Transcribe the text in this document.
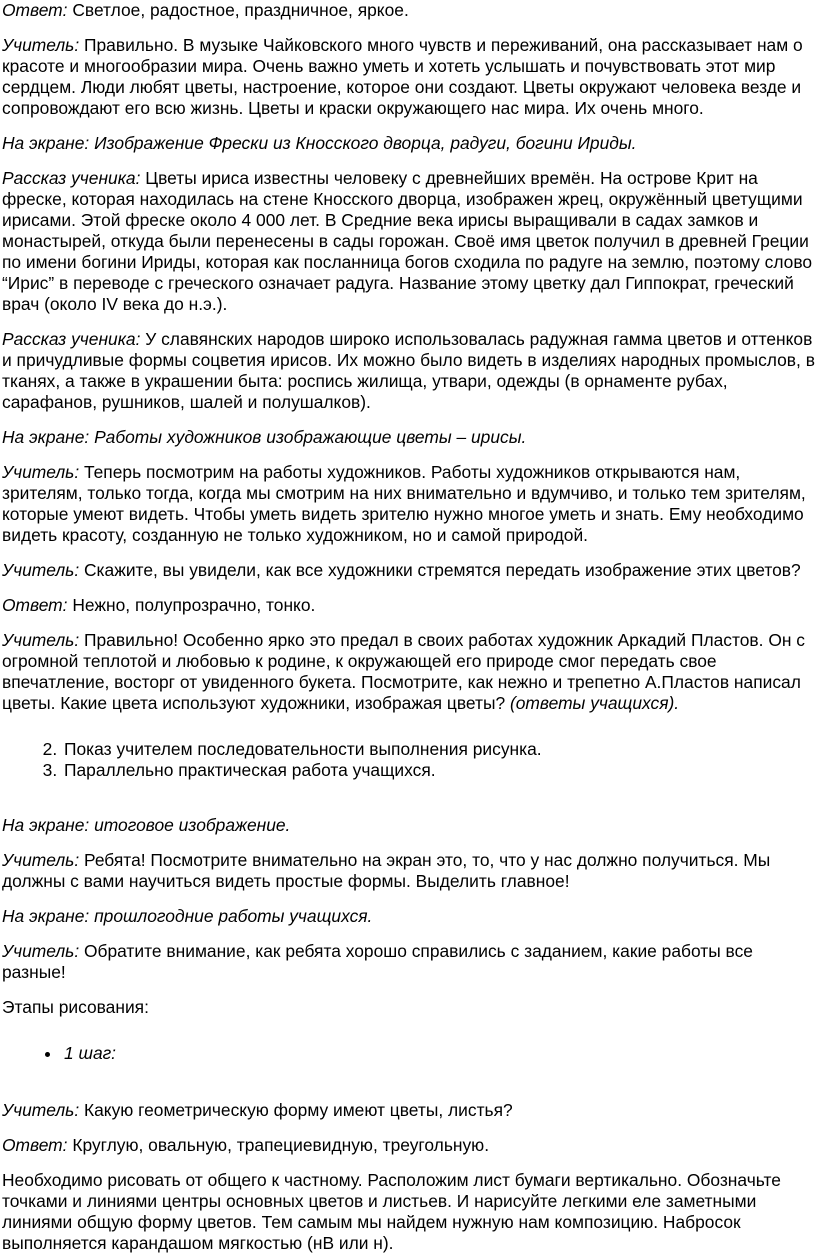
Ответ: Светлое, радостное, праздничное, яркое.

Учитель: Правильно. В музыке Чайковского много чувств и переживаний, она рассказывает нам о красоте и многообразии мира. Очень важно уметь и хотеть услышать и почувствовать этот мир сердцем. Люди любят цветы, настроение, которое они создают. Цветы окружают человека везде и сопровождают его всю жизнь. Цветы и краски окружающего нас мира. Их очень много.

На экране: Изображение Фрески из Кносского дворца, радуги, богини Ириды.

Рассказ ученика: Цветы ириса известны человеку с древнейших времён. На острове Крит на фреске, которая находилась на стене Кносского дворца, изображен жрец, окружённый цветущими ирисами. Этой фреске около 4 000 лет. В Средние века ирисы выращивали в садах замков и монастырей, откуда были перенесены в сады горожан. Своё имя цветок получил в древней Греции по имени богини Ириды, которая как посланница богов сходила по радуге на землю, поэтому слово “Ирис” в переводе с греческого означает радуга. Название этому цветку дал Гиппократ, греческий врач (около IV века до н.э.).

Рассказ ученика: У славянских народов широко использовалась радужная гамма цветов и оттенков и причудливые формы соцветия ирисов. Их можно было видеть в изделиях народных промыслов, в тканях, а также в украшении быта: роспись жилища, утвари, одежды (в орнаменте рубах, сарафанов, рушников, шалей и полушалков).

На экране: Работы художников изображающие цветы – ирисы.

Учитель: Теперь посмотрим на работы художников. Работы художников открываются нам, зрителям, только тогда, когда мы смотрим на них внимательно и вдумчиво, и только тем зрителям, которые умеют видеть. Чтобы уметь видеть зрителю нужно многое уметь и знать. Ему необходимо видеть красоту, созданную не только художником, но и самой природой.

Учитель: Скажите, вы увидели, как все художники стремятся передать изображение этих цветов?

Ответ: Нежно, полупрозрачно, тонко.

Учитель: Правильно! Особенно ярко это предал в своих работах художник Аркадий Пластов. Он с огромной теплотой и любовью к родине, к окружающей его природе смог передать свое впечатление, восторг от увиденного букета. Посмотрите, как нежно и трепетно А.Пластов написал цветы. Какие цвета используют художники, изображая цветы? (ответы учащихся).

2. Показ учителем последовательности выполнения рисунка.
3. Параллельно практическая работа учащихся.

На экране: итоговое изображение.

Учитель: Ребята! Посмотрите внимательно на экран это, то, что у нас должно получиться. Мы должны с вами научиться видеть простые формы. Выделить главное!

На экране: прошлогодние работы учащихся.

Учитель: Обратите внимание, как ребята хорошо справились с заданием, какие работы все разные!

Этапы рисования:

• 1 шаг:

Учитель: Какую геометрическую форму имеют цветы, листья?

Ответ: Круглую, овальную, трапециевидную, треугольную.

Необходимо рисовать от общего к частному. Расположим лист бумаги вертикально. Обозначьте точками и линиями центры основных цветов и листьев. И нарисуйте легкими еле заметными линиями общую форму цветов. Тем самым мы найдем нужную нам композицию. Набросок выполняется карандашом мягкостью (нВ или н).
